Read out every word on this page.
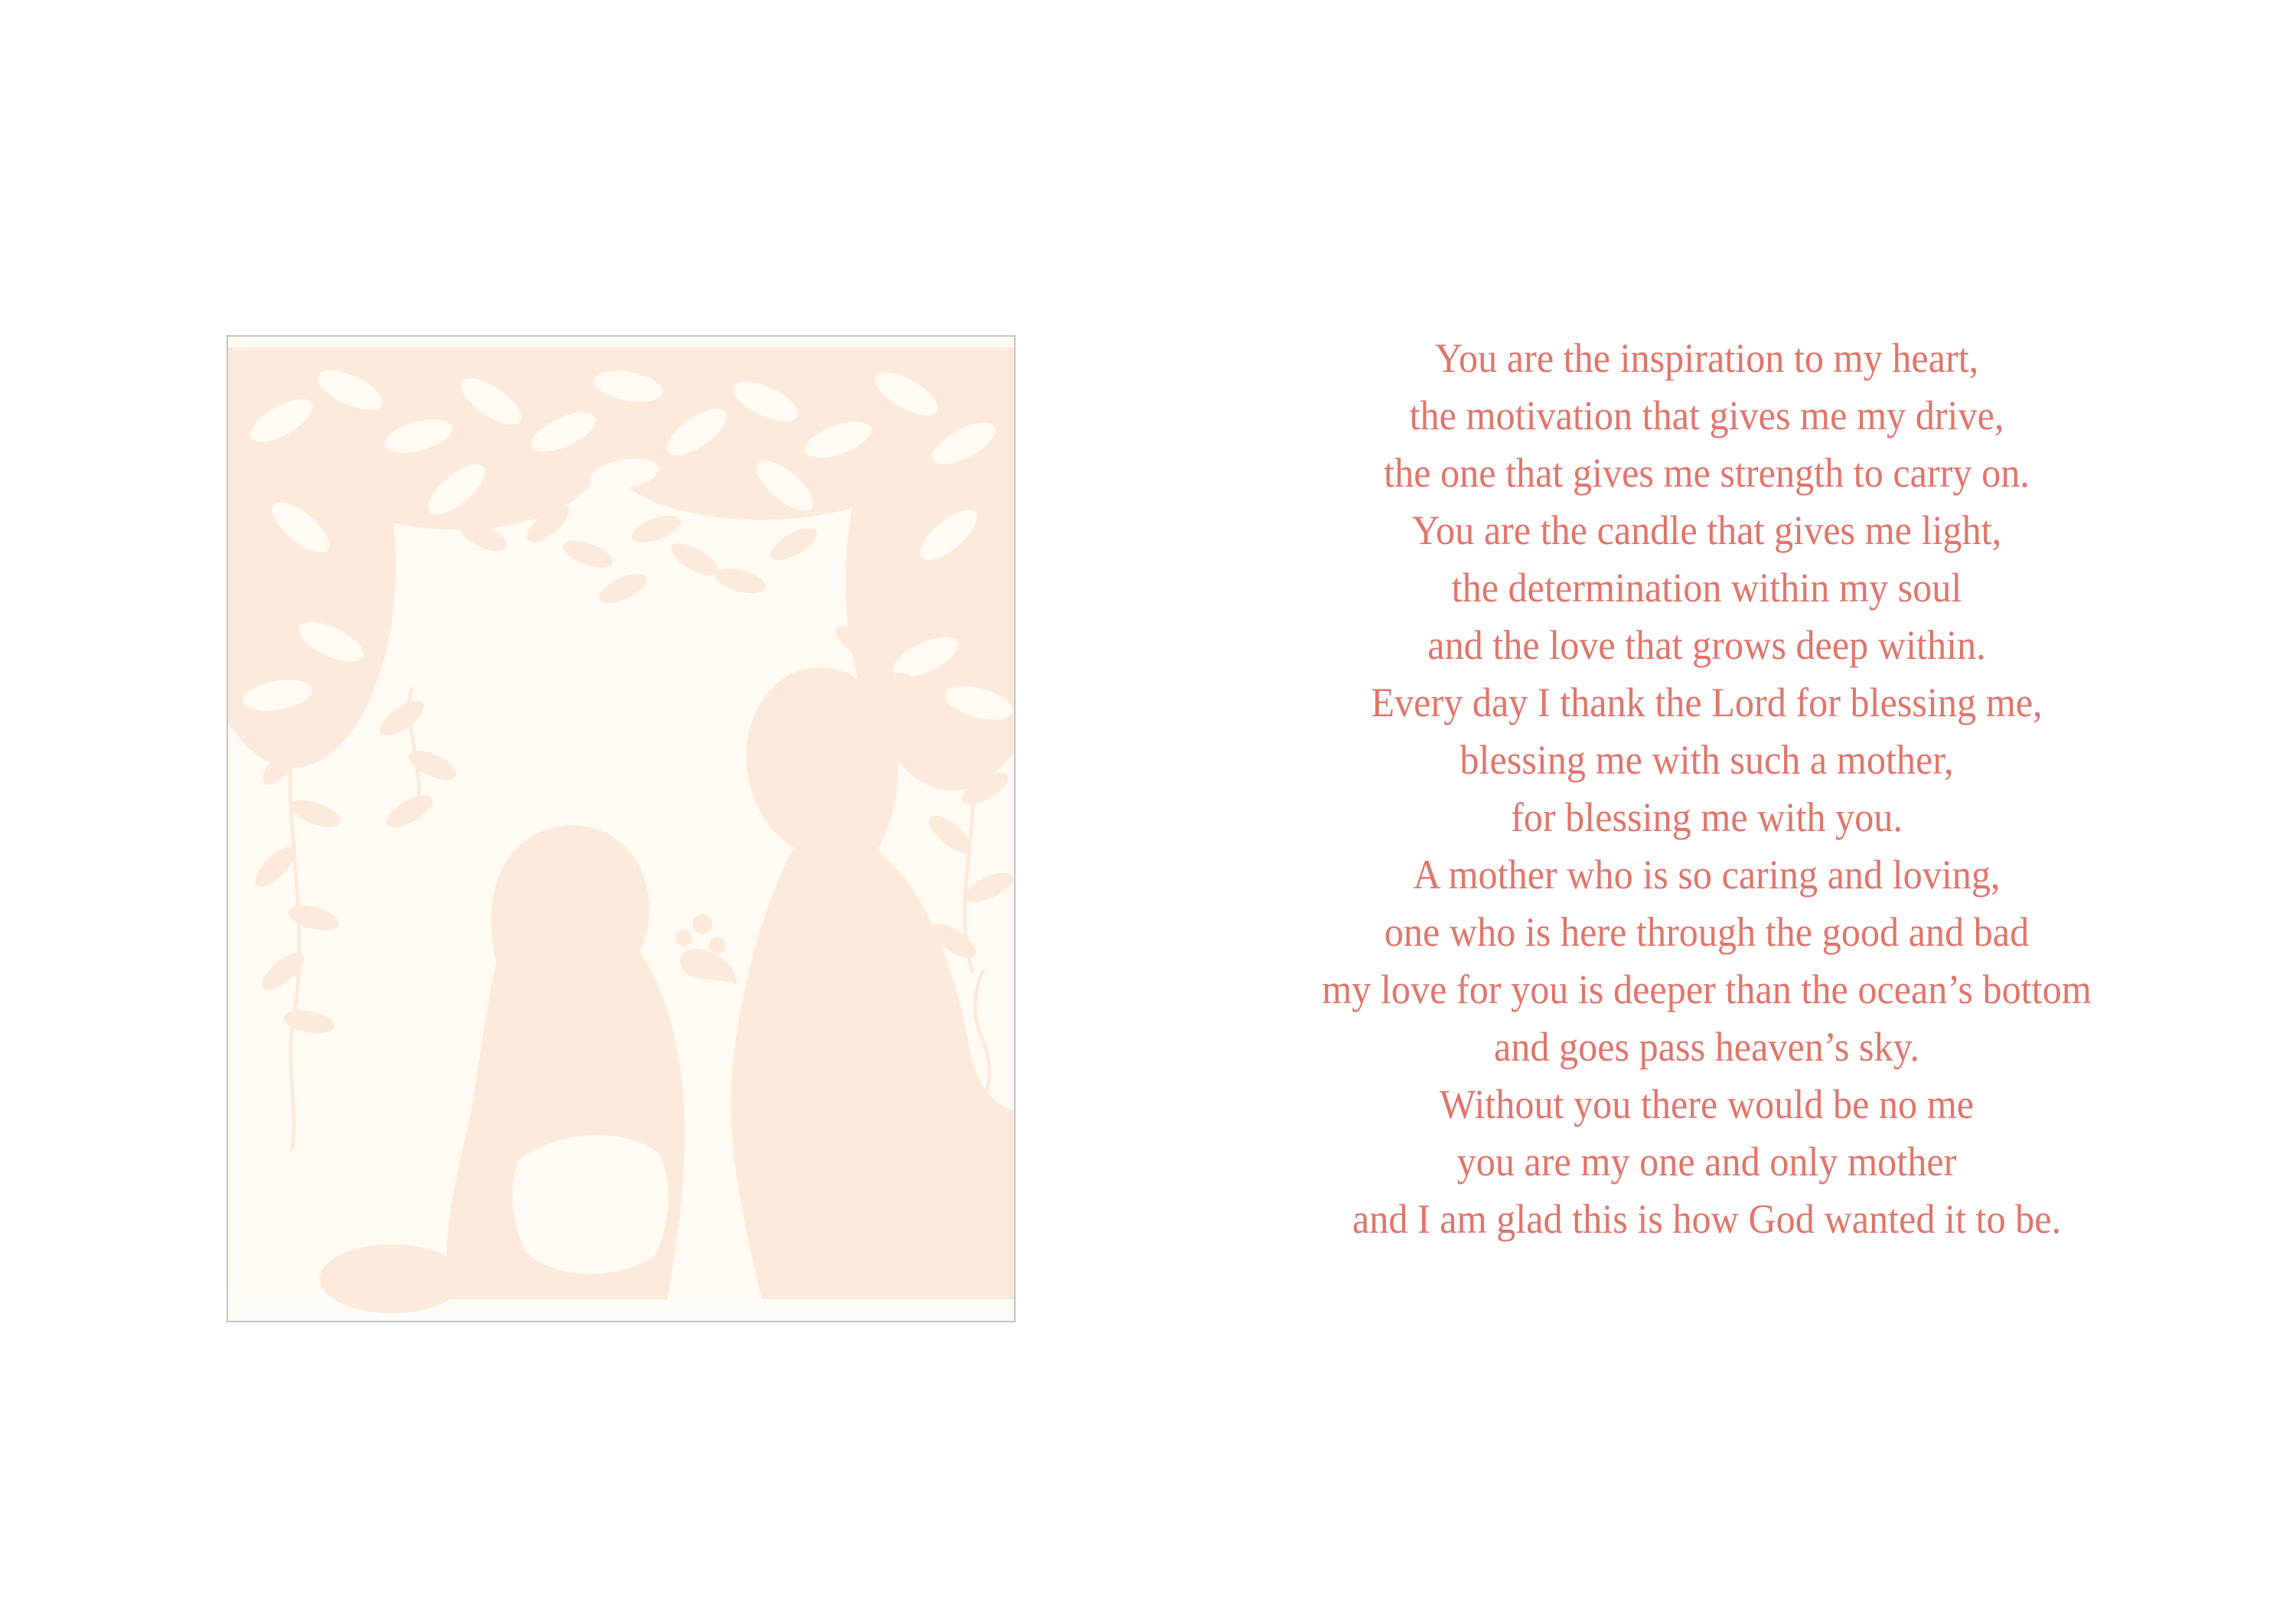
You are the inspiration to my heart,
the motivation that gives me my drive,
the one that gives me strength to carry on.
You are the candle that gives me light,
the determination within my soul
and the love that grows deep within.
Every day I thank the Lord for blessing me,
blessing me with such a mother,
for blessing me with you.
A mother who is so caring and loving,
one who is here through the good and bad
my love for you is deeper than the ocean’s bottom
and goes pass heaven’s sky.
Without you there would be no me
you are my one and only mother
and I am glad this is how God wanted it to be.
